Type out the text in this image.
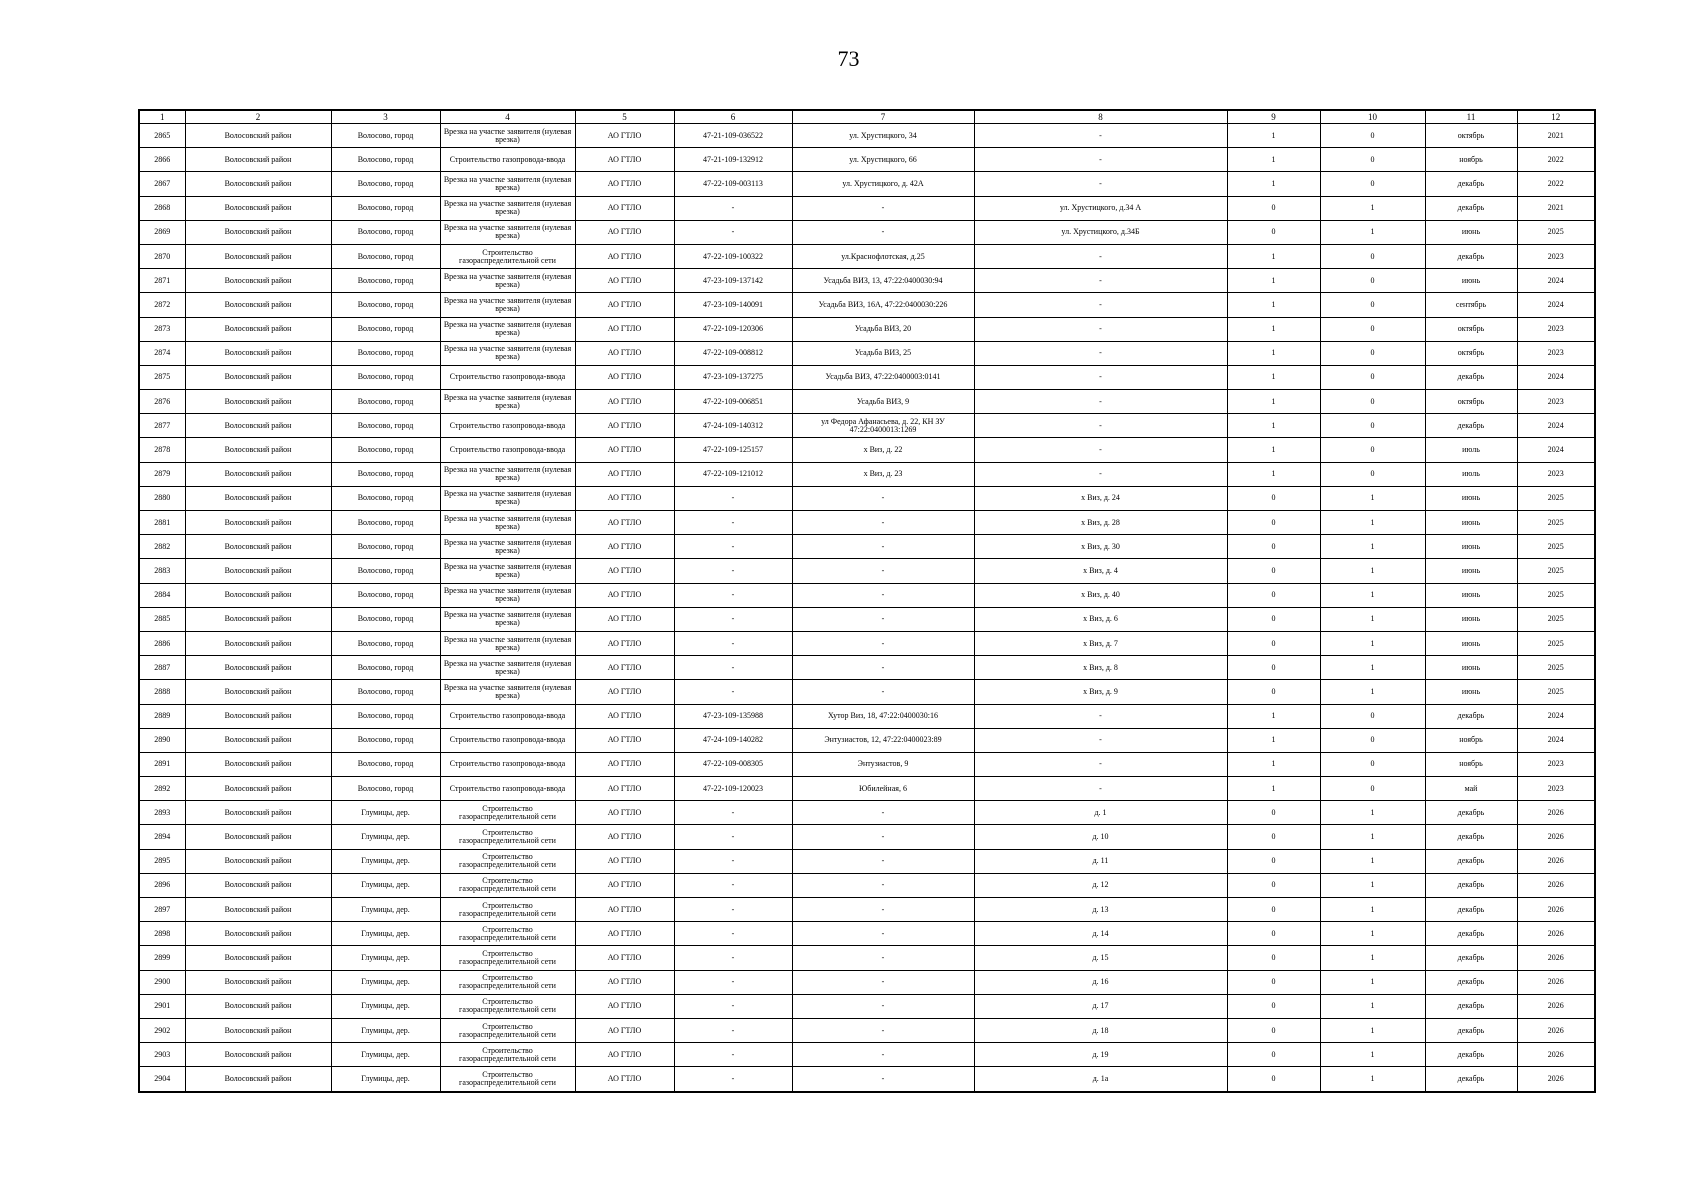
73
1	2	3	4	5	6	7	8	9	10	11	12
2865	Волосовский район	Волосово, город	Врезка на участке заявителя (нулевая врезка)	АО ГТЛО	47-21-109-036522	ул. Хрустицкого, 34	-	1	0	октябрь	2021
2866	Волосовский район	Волосово, город	Строительство газопровода-ввода	АО ГТЛО	47-21-109-132912	ул. Хрустицкого, 66	-	1	0	ноябрь	2022
2867	Волосовский район	Волосово, город	Врезка на участке заявителя (нулевая врезка)	АО ГТЛО	47-22-109-003113	ул. Хрустицкого, д. 42А	-	1	0	декабрь	2022
2868	Волосовский район	Волосово, город	Врезка на участке заявителя (нулевая врезка)	АО ГТЛО	-	-	ул. Хрустицкого, д.34 А	0	1	декабрь	2021
2869	Волосовский район	Волосово, город	Врезка на участке заявителя (нулевая врезка)	АО ГТЛО	-	-	ул. Хрустицкого, д.34Б	0	1	июнь	2025
2870	Волосовский район	Волосово, город	Строительство газораспределительной сети	АО ГТЛО	47-22-109-100322	ул.Краснофлотская, д.25	-	1	0	декабрь	2023
2871	Волосовский район	Волосово, город	Врезка на участке заявителя (нулевая врезка)	АО ГТЛО	47-23-109-137142	Усадьба ВИЗ, 13, 47:22:0400030:94	-	1	0	июнь	2024
2872	Волосовский район	Волосово, город	Врезка на участке заявителя (нулевая врезка)	АО ГТЛО	47-23-109-140091	Усадьба ВИЗ, 16А, 47:22:0400030:226	-	1	0	сентябрь	2024
2873	Волосовский район	Волосово, город	Врезка на участке заявителя (нулевая врезка)	АО ГТЛО	47-22-109-120306	Усадьба ВИЗ, 20	-	1	0	октябрь	2023
2874	Волосовский район	Волосово, город	Врезка на участке заявителя (нулевая врезка)	АО ГТЛО	47-22-109-008812	Усадьба ВИЗ, 25	-	1	0	октябрь	2023
2875	Волосовский район	Волосово, город	Строительство газопровода-ввода	АО ГТЛО	47-23-109-137275	Усадьба ВИЗ, 47:22:0400003:0141	-	1	0	декабрь	2024
2876	Волосовский район	Волосово, город	Врезка на участке заявителя (нулевая врезка)	АО ГТЛО	47-22-109-006851	Усадьба ВИЗ, 9	-	1	0	октябрь	2023
2877	Волосовский район	Волосово, город	Строительство газопровода-ввода	АО ГТЛО	47-24-109-140312	ул Федора Афанасьева, д. 22, КН ЗУ 47:22:0400013:1269	-	1	0	декабрь	2024
2878	Волосовский район	Волосово, город	Строительство газопровода-ввода	АО ГТЛО	47-22-109-125157	х Виз, д. 22	-	1	0	июль	2024
2879	Волосовский район	Волосово, город	Врезка на участке заявителя (нулевая врезка)	АО ГТЛО	47-22-109-121012	х Виз, д. 23	-	1	0	июль	2023
2880	Волосовский район	Волосово, город	Врезка на участке заявителя (нулевая врезка)	АО ГТЛО	-	-	х Виз, д. 24	0	1	июнь	2025
2881	Волосовский район	Волосово, город	Врезка на участке заявителя (нулевая врезка)	АО ГТЛО	-	-	х Виз, д. 28	0	1	июнь	2025
2882	Волосовский район	Волосово, город	Врезка на участке заявителя (нулевая врезка)	АО ГТЛО	-	-	х Виз, д. 30	0	1	июнь	2025
2883	Волосовский район	Волосово, город	Врезка на участке заявителя (нулевая врезка)	АО ГТЛО	-	-	х Виз, д. 4	0	1	июнь	2025
2884	Волосовский район	Волосово, город	Врезка на участке заявителя (нулевая врезка)	АО ГТЛО	-	-	х Виз, д. 40	0	1	июнь	2025
2885	Волосовский район	Волосово, город	Врезка на участке заявителя (нулевая врезка)	АО ГТЛО	-	-	х Виз, д. 6	0	1	июнь	2025
2886	Волосовский район	Волосово, город	Врезка на участке заявителя (нулевая врезка)	АО ГТЛО	-	-	х Виз, д. 7	0	1	июнь	2025
2887	Волосовский район	Волосово, город	Врезка на участке заявителя (нулевая врезка)	АО ГТЛО	-	-	х Виз, д. 8	0	1	июнь	2025
2888	Волосовский район	Волосово, город	Врезка на участке заявителя (нулевая врезка)	АО ГТЛО	-	-	х Виз, д. 9	0	1	июнь	2025
2889	Волосовский район	Волосово, город	Строительство газопровода-ввода	АО ГТЛО	47-23-109-135988	Хутор Виз, 18, 47:22:0400030:16	-	1	0	декабрь	2024
2890	Волосовский район	Волосово, город	Строительство газопровода-ввода	АО ГТЛО	47-24-109-140282	Энтузиастов, 12, 47:22:0400023:89	-	1	0	ноябрь	2024
2891	Волосовский район	Волосово, город	Строительство газопровода-ввода	АО ГТЛО	47-22-109-008305	Энтузиастов, 9	-	1	0	ноябрь	2023
2892	Волосовский район	Волосово, город	Строительство газопровода-ввода	АО ГТЛО	47-22-109-120023	Юбилейная, 6	-	1	0	май	2023
2893	Волосовский район	Глумицы, дер.	Строительство газораспределительной сети	АО ГТЛО	-	-	д. 1	0	1	декабрь	2026
2894	Волосовский район	Глумицы, дер.	Строительство газораспределительной сети	АО ГТЛО	-	-	д. 10	0	1	декабрь	2026
2895	Волосовский район	Глумицы, дер.	Строительство газораспределительной сети	АО ГТЛО	-	-	д. 11	0	1	декабрь	2026
2896	Волосовский район	Глумицы, дер.	Строительство газораспределительной сети	АО ГТЛО	-	-	д. 12	0	1	декабрь	2026
2897	Волосовский район	Глумицы, дер.	Строительство газораспределительной сети	АО ГТЛО	-	-	д. 13	0	1	декабрь	2026
2898	Волосовский район	Глумицы, дер.	Строительство газораспределительной сети	АО ГТЛО	-	-	д. 14	0	1	декабрь	2026
2899	Волосовский район	Глумицы, дер.	Строительство газораспределительной сети	АО ГТЛО	-	-	д. 15	0	1	декабрь	2026
2900	Волосовский район	Глумицы, дер.	Строительство газораспределительной сети	АО ГТЛО	-	-	д. 16	0	1	декабрь	2026
2901	Волосовский район	Глумицы, дер.	Строительство газораспределительной сети	АО ГТЛО	-	-	д. 17	0	1	декабрь	2026
2902	Волосовский район	Глумицы, дер.	Строительство газораспределительной сети	АО ГТЛО	-	-	д. 18	0	1	декабрь	2026
2903	Волосовский район	Глумицы, дер.	Строительство газораспределительной сети	АО ГТЛО	-	-	д. 19	0	1	декабрь	2026
2904	Волосовский район	Глумицы, дер.	Строительство газораспределительной сети	АО ГТЛО	-	-	д. 1а	0	1	декабрь	2026
